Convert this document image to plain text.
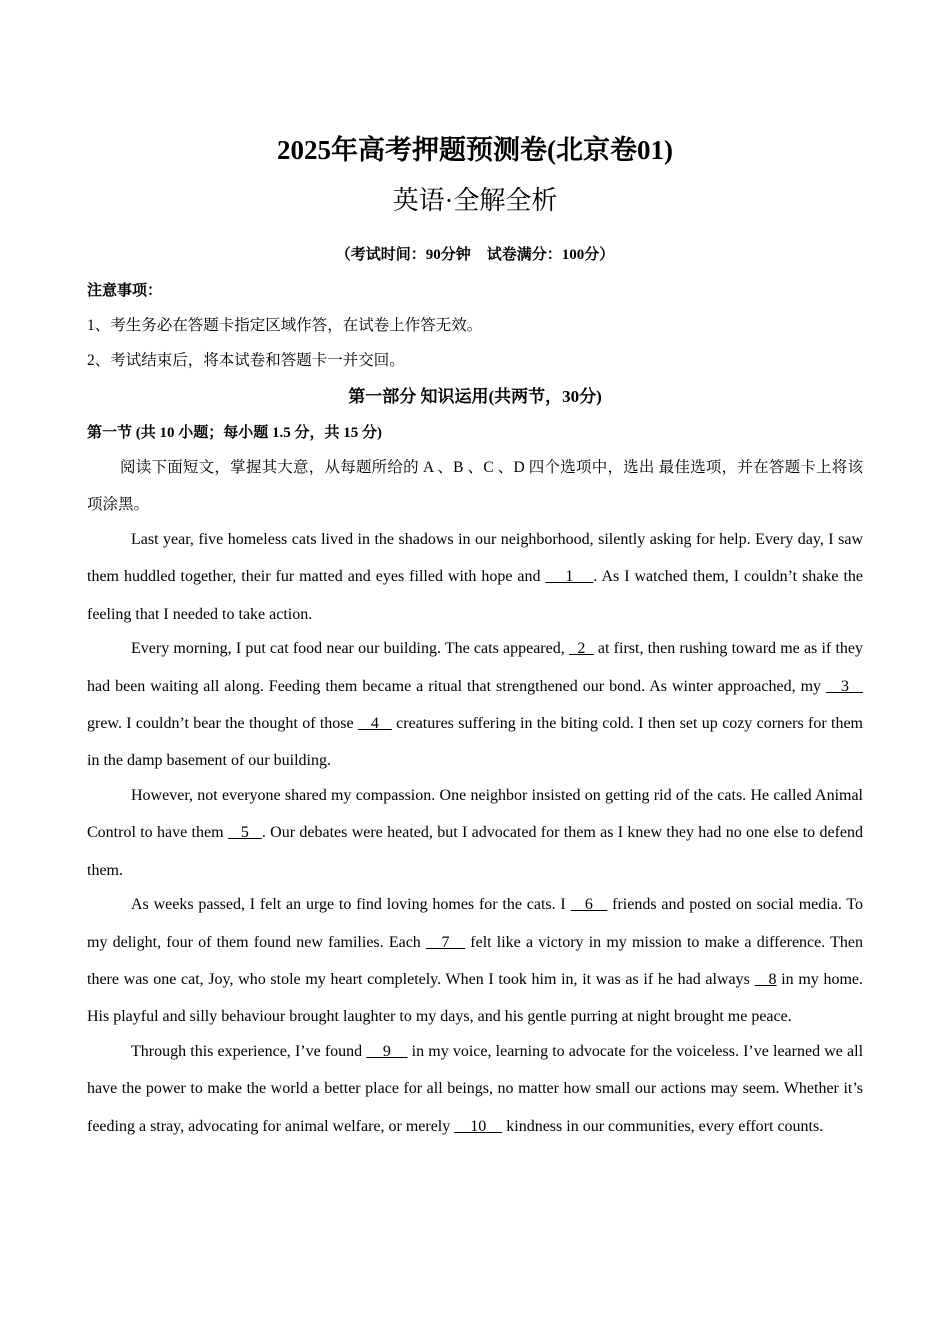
2025年高考押题预测卷(北京卷01)
英语·全解全析
（考试时间：90分钟 试卷满分：100分）
注意事项：
1、考生务必在答题卡指定区域作答，在试卷上作答无效。
2、考试结束后，将本试卷和答题卡一并交回。
第一部分 知识运用(共两节，30分)
第一节 (共 10 小题；每小题 1.5 分，共 15 分)
阅读下面短文，掌握其大意，从每题所给的 A 、B 、C 、D 四个选项中，选出 最佳选项，并在答题卡上将该项涂黑。

Last year, five homeless cats lived in the shadows in our neighborhood, silently asking for help. Every day, I saw them huddled together, their fur matted and eyes filled with hope and     1    . As I watched them, I couldn’t shake the feeling that I needed to take action.

Every morning, I put cat food near our building. The cats appeared,   2   at first, then rushing toward me as if they had been waiting all along. Feeding them became a ritual that strengthened our bond. As winter approached, my    3    grew. I couldn’t bear the thought of those    4    creatures suffering in the biting cold. I then set up cozy corners for them in the damp basement of our building.

However, not everyone shared my compassion. One neighbor insisted on getting rid of the cats. He called Animal Control to have them    5   . Our debates were heated, but I advocated for them as I knew they had no one else to defend them.

As weeks passed, I felt an urge to find loving homes for the cats. I    6    friends and posted on social media. To my delight, four of them found new families. Each    7    felt like a victory in my mission to make a difference. Then there was one cat, Joy, who stole my heart completely. When I took him in, it was as if he had always    8 in my home. His playful and silly behaviour brought laughter to my days, and his gentle purring at night brought me peace.

Through this experience, I’ve found     9     in my voice, learning to advocate for the voiceless. I’ve learned we all have the power to make the world a better place for all beings, no matter how small our actions may seem. Whether it’s feeding a stray, advocating for animal welfare, or merely     10     kindness in our communities, every effort counts.
